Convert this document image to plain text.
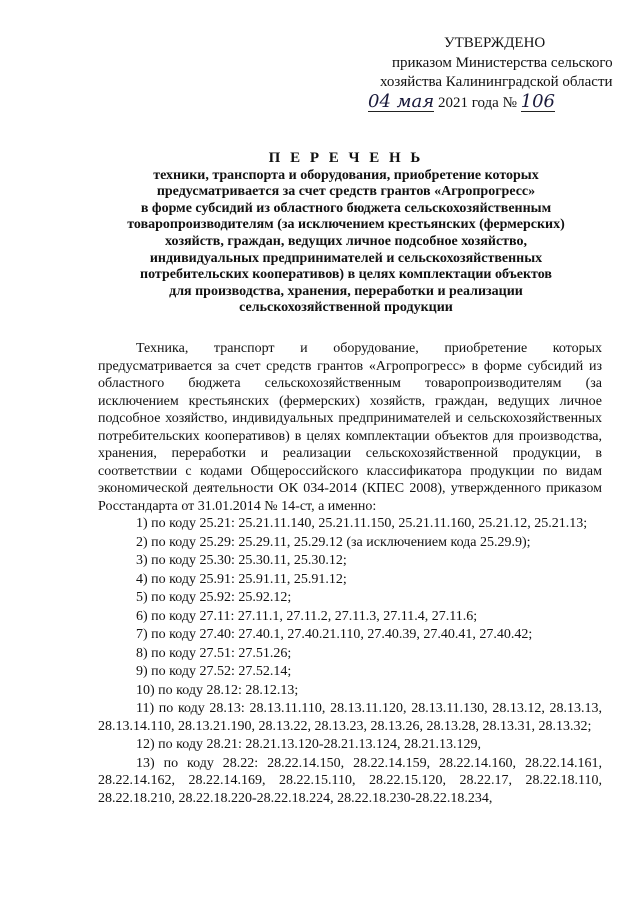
УТВЕРЖДЕНО
приказом Министерства сельского
хозяйства Калининградской области
04 мая 2021 года № 106
П Е Р Е Ч Е Н Ь
техники, транспорта и оборудования, приобретение которых
предусматривается за счет средств грантов «Агропрогресс»
в форме субсидий из областного бюджета сельскохозяйственным
товаропроизводителям (за исключением крестьянских (фермерских)
хозяйств, граждан, ведущих личное подсобное хозяйство,
индивидуальных предпринимателей и сельскохозяйственных
потребительских кооперативов) в целях комплектации объектов
для производства, хранения, переработки и реализации
сельскохозяйственной продукции

Техника, транспорт и оборудование, приобретение которых предусматривается за счет средств грантов «Агропрогресс» в форме субсидий из областного бюджета сельскохозяйственным товаропроизводителям (за исключением крестьянских (фермерских) хозяйств, граждан, ведущих личное подсобное хозяйство, индивидуальных предпринимателей и сельскохозяйственных потребительских кооперативов) в целях комплектации объектов для производства, хранения, переработки и реализации сельскохозяйственной продукции, в соответствии с кодами Общероссийского классификатора продукции по видам экономической деятельности ОК 034-2014 (КПЕС 2008), утвержденного приказом Росстандарта от 31.01.2014 № 14-ст, а именно:

1) по коду 25.21: 25.21.11.140, 25.21.11.150, 25.21.11.160, 25.21.12, 25.21.13;

2) по коду 25.29: 25.29.11, 25.29.12 (за исключением кода 25.29.9);

3) по коду 25.30: 25.30.11, 25.30.12;

4) по коду 25.91: 25.91.11, 25.91.12;

5) по коду 25.92: 25.92.12;

6) по коду 27.11: 27.11.1, 27.11.2, 27.11.3, 27.11.4, 27.11.6;

7) по коду 27.40: 27.40.1, 27.40.21.110, 27.40.39, 27.40.41, 27.40.42;

8) по коду 27.51: 27.51.26;

9) по коду 27.52: 27.52.14;

10) по коду 28.12: 28.12.13;

11) по коду 28.13: 28.13.11.110, 28.13.11.120, 28.13.11.130, 28.13.12, 28.13.13, 28.13.14.110, 28.13.21.190, 28.13.22, 28.13.23, 28.13.26, 28.13.28, 28.13.31, 28.13.32;

12) по коду 28.21: 28.21.13.120-28.21.13.124, 28.21.13.129,

13) по коду 28.22: 28.22.14.150, 28.22.14.159, 28.22.14.160, 28.22.14.161, 28.22.14.162, 28.22.14.169, 28.22.15.110, 28.22.15.120, 28.22.17, 28.22.18.110, 28.22.18.210, 28.22.18.220-28.22.18.224, 28.22.18.230-28.22.18.234,
